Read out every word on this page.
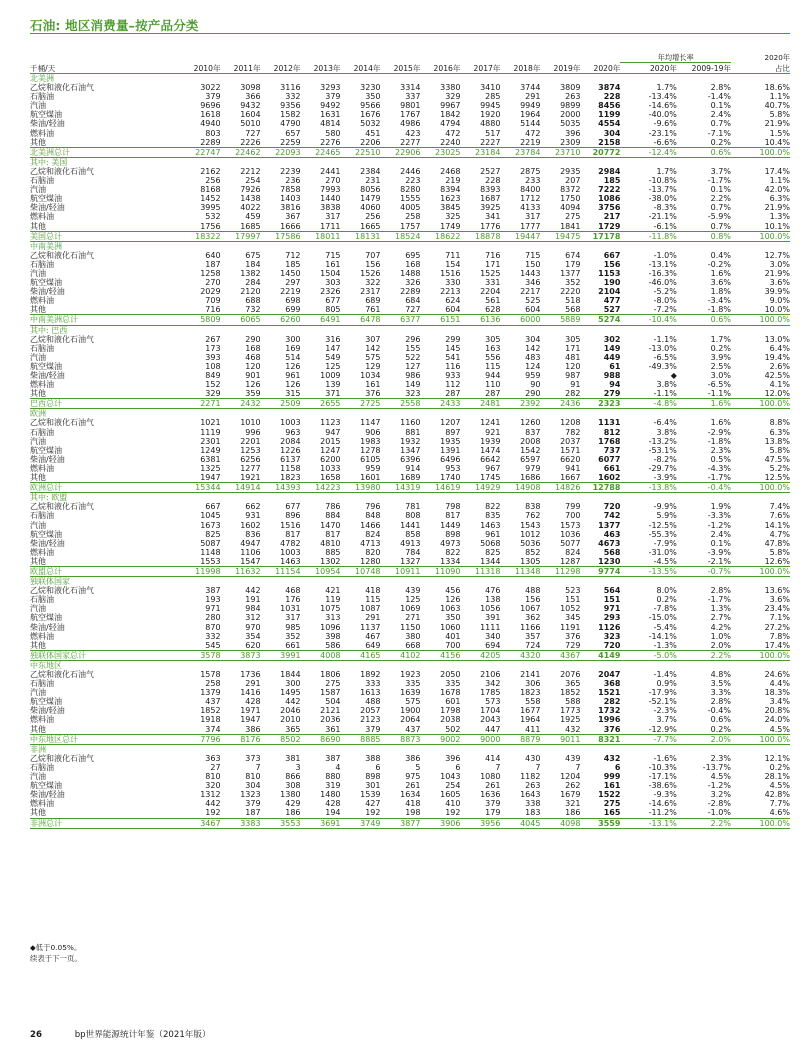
石油: 地区消费量–按产品分类
												年均增长率		2020年
千桶/天	2010年	2011年	2012年	2013年	2014年	2015年	2016年	2017年	2018年	2019年	2020年	2020年	2009-19年	占比
北美洲														
乙烷和液化石油气	3022	3098	3116	3293	3230	3314	3380	3410	3744	3809	3874	1.7%	2.8%	18.6%
石脑油	379	366	332	379	350	337	329	285	291	263	228	-13.4%	-1.4%	1.1%
汽油	9696	9432	9356	9492	9566	9801	9967	9945	9949	9899	8456	-14.6%	0.1%	40.7%
航空煤油	1618	1604	1582	1631	1676	1767	1842	1920	1964	2000	1199	-40.0%	2.4%	5.8%
柴油/轻油	4940	5010	4790	4814	5032	4986	4794	4880	5144	5035	4554	-9.6%	0.7%	21.9%
燃料油	803	727	657	580	451	423	472	517	472	396	304	-23.1%	-7.1%	1.5%
其他	2289	2226	2259	2276	2206	2277	2240	2227	2219	2309	2158	-6.6%	0.2%	10.4%
北美洲总计	22747	22462	22093	22465	22510	22906	23025	23184	23784	23710	20772	-12.4%	0.6%	100.0%
其中: 美国														
乙烷和液化石油气	2162	2212	2239	2441	2384	2446	2468	2527	2875	2935	2984	1.7%	3.7%	17.4%
石脑油	256	254	236	270	231	223	219	228	233	207	185	-10.8%	-1.7%	1.1%
汽油	8168	7926	7858	7993	8056	8280	8394	8393	8400	8372	7222	-13.7%	0.1%	42.0%
航空煤油	1452	1438	1403	1440	1479	1555	1623	1687	1712	1750	1086	-38.0%	2.2%	6.3%
柴油/轻油	3995	4022	3816	3838	4060	4005	3845	3925	4133	4094	3756	-8.3%	0.7%	21.9%
燃料油	532	459	367	317	256	258	325	341	317	275	217	-21.1%	-5.9%	1.3%
其他	1756	1685	1666	1711	1665	1757	1749	1776	1777	1841	1729	-6.1%	0.7%	10.1%
美国总计	18322	17997	17586	18011	18131	18524	18622	18878	19447	19475	17178	-11.8%	0.8%	100.0%
中南美洲														
乙烷和液化石油气	640	675	712	715	707	695	711	716	715	674	667	-1.0%	0.4%	12.7%
石脑油	187	184	185	161	156	168	154	171	150	179	156	-13.1%	-0.2%	3.0%
汽油	1258	1382	1450	1504	1526	1488	1516	1525	1443	1377	1153	-16.3%	1.6%	21.9%
航空煤油	270	284	297	303	322	326	330	331	346	352	190	-46.0%	3.6%	3.6%
柴油/轻油	2029	2120	2219	2326	2317	2289	2213	2204	2217	2220	2104	-5.2%	1.8%	39.9%
燃料油	709	688	698	677	689	684	624	561	525	518	477	-8.0%	-3.4%	9.0%
其他	716	732	699	805	761	727	604	628	604	568	527	-7.2%	-1.8%	10.0%
中南美洲总计	5809	6065	6260	6491	6478	6377	6151	6136	6000	5889	5274	-10.4%	0.6%	100.0%
其中: 巴西														
乙烷和液化石油气	267	290	300	316	307	296	299	305	304	305	302	-1.1%	1.7%	13.0%
石脑油	173	168	169	147	142	155	145	163	142	171	149	-13.0%	0.2%	6.4%
汽油	393	468	514	549	575	522	541	556	483	481	449	-6.5%	3.9%	19.4%
航空煤油	108	120	126	125	129	127	116	115	124	120	61	-49.3%	2.5%	2.6%
柴油/轻油	849	901	961	1009	1034	986	933	944	959	987	988	◆	3.0%	42.5%
燃料油	152	126	126	139	161	149	112	110	90	91	94	3.8%	-6.5%	4.1%
其他	329	359	315	371	376	323	287	287	290	282	279	-1.1%	-1.1%	12.0%
巴西总计	2271	2432	2509	2655	2725	2558	2433	2481	2392	2436	2323	-4.8%	1.6%	100.0%
欧洲														
乙烷和液化石油气	1021	1010	1003	1123	1147	1160	1207	1241	1260	1208	1131	-6.4%	1.6%	8.8%
石脑油	1119	996	963	947	906	881	897	921	837	782	812	3.8%	-2.9%	6.3%
汽油	2301	2201	2084	2015	1983	1932	1935	1939	2008	2037	1768	-13.2%	-1.8%	13.8%
航空煤油	1249	1253	1226	1247	1278	1347	1391	1474	1542	1571	737	-53.1%	2.3%	5.8%
柴油/轻油	6381	6256	6137	6200	6105	6396	6496	6642	6597	6620	6077	-8.2%	0.5%	47.5%
燃料油	1325	1277	1158	1033	959	914	953	967	979	941	661	-29.7%	-4.3%	5.2%
其他	1947	1921	1823	1658	1601	1689	1740	1745	1686	1667	1602	-3.9%	-1.7%	12.5%
欧洲总计	15344	14914	14393	14223	13980	14319	14619	14929	14908	14826	12788	-13.8%	-0.4%	100.0%
其中: 欧盟														
乙烷和液化石油气	667	662	677	786	796	781	798	822	838	799	720	-9.9%	1.9%	7.4%
石脑油	1045	931	896	884	848	808	817	835	762	700	742	5.9%	-3.3%	7.6%
汽油	1673	1602	1516	1470	1466	1441	1449	1463	1543	1573	1377	-12.5%	-1.2%	14.1%
航空煤油	825	836	817	817	824	858	898	961	1012	1036	463	-55.3%	2.4%	4.7%
柴油/轻油	5087	4947	4782	4810	4713	4913	4973	5068	5036	5077	4673	-7.9%	0.1%	47.8%
燃料油	1148	1106	1003	885	820	784	822	825	852	824	568	-31.0%	-3.9%	5.8%
其他	1553	1547	1463	1302	1280	1327	1334	1344	1305	1287	1230	-4.5%	-2.1%	12.6%
欧盟总计	11998	11632	11154	10954	10748	10911	11090	11318	11348	11298	9774	-13.5%	-0.7%	100.0%
独联体国家														
乙烷和液化石油气	387	442	468	421	418	439	456	476	488	523	564	8.0%	2.8%	13.6%
石脑油	193	191	176	119	115	125	126	138	156	151	151	0.2%	-1.7%	3.6%
汽油	971	984	1031	1075	1087	1069	1063	1056	1067	1052	971	-7.8%	1.3%	23.4%
航空煤油	280	312	317	313	291	271	350	391	362	345	293	-15.0%	2.7%	7.1%
柴油/轻油	870	970	985	1096	1137	1150	1060	1111	1166	1191	1126	-5.4%	4.2%	27.2%
燃料油	332	354	352	398	467	380	401	340	357	376	323	-14.1%	1.0%	7.8%
其他	545	620	661	586	649	668	700	694	724	729	720	-1.3%	2.0%	17.4%
独联体国家总计	3578	3873	3991	4008	4165	4102	4156	4205	4320	4367	4149	-5.0%	2.2%	100.0%
中东地区														
乙烷和液化石油气	1578	1736	1844	1806	1892	1923	2050	2106	2141	2076	2047	-1.4%	4.8%	24.6%
石脑油	258	291	300	275	333	335	335	342	306	365	368	0.9%	3.5%	4.4%
汽油	1379	1416	1495	1587	1613	1639	1678	1785	1823	1852	1521	-17.9%	3.3%	18.3%
航空煤油	437	428	442	504	488	575	601	573	558	588	282	-52.1%	2.8%	3.4%
柴油/轻油	1852	1971	2046	2121	2057	1900	1798	1704	1677	1773	1732	-2.3%	-0.4%	20.8%
燃料油	1918	1947	2010	2036	2123	2064	2038	2043	1964	1925	1996	3.7%	0.6%	24.0%
其他	374	386	365	361	379	437	502	447	411	432	376	-12.9%	0.2%	4.5%
中东地区总计	7796	8176	8502	8690	8885	8873	9002	9000	8879	9011	8321	-7.7%	2.0%	100.0%
非洲														
乙烷和液化石油气	363	373	381	387	388	386	396	414	430	439	432	-1.6%	2.3%	12.1%
石脑油	27	7	3	4	6	5	6	7	7	7	6	-10.3%	-13.7%	0.2%
汽油	810	810	866	880	898	975	1043	1080	1182	1204	999	-17.1%	4.5%	28.1%
航空煤油	320	304	308	319	301	261	254	261	263	262	161	-38.6%	-1.2%	4.5%
柴油/轻油	1312	1323	1380	1480	1539	1634	1605	1636	1643	1679	1522	-9.3%	3.2%	42.8%
燃料油	442	379	429	428	427	418	410	379	338	321	275	-14.6%	-2.8%	7.7%
其他	192	187	186	194	192	198	192	179	183	186	165	-11.2%	-1.0%	4.6%
非洲总计	3467	3383	3553	3691	3749	3877	3906	3956	4045	4098	3559	-13.1%	2.2%	100.0%
◆低于0.05%。
续表于下一页。
26	bp世界能源统计年鉴（2021年版）
